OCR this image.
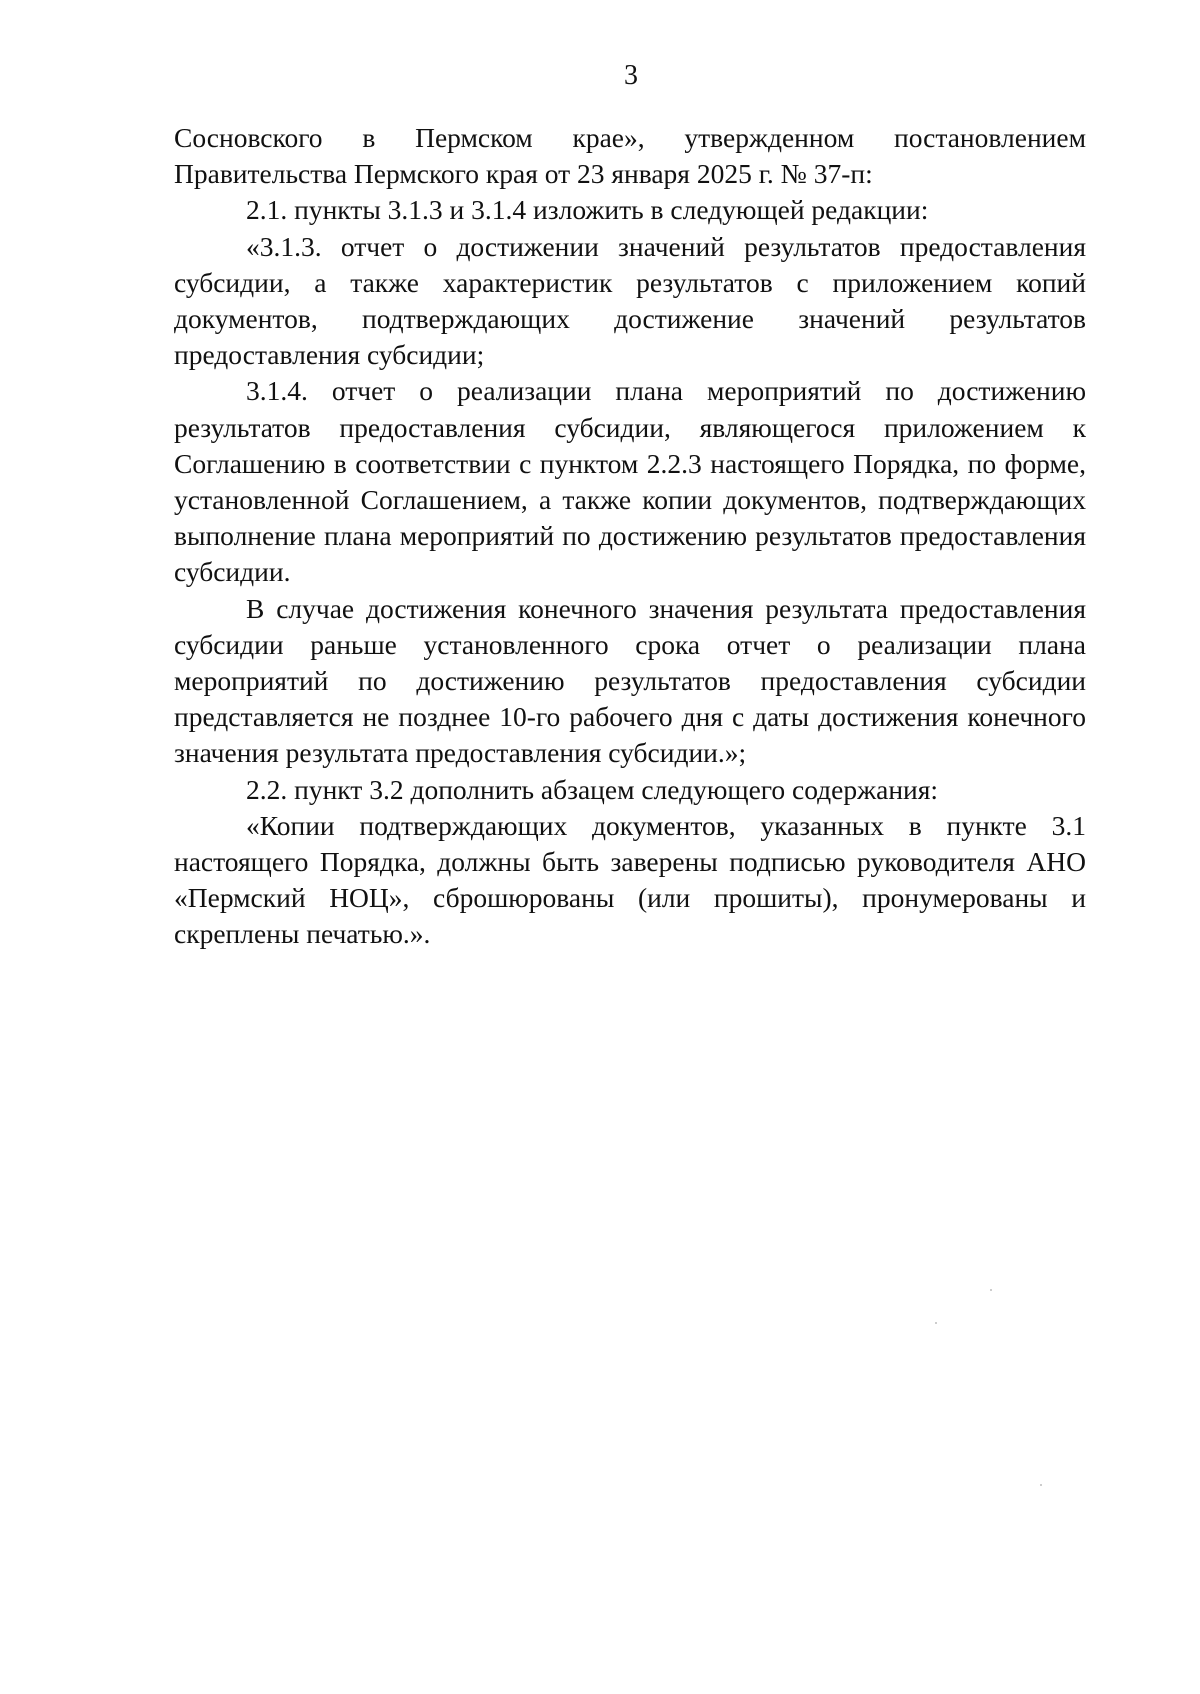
3

Сосновского в Пермском крае», утвержденном постановлением Правительства Пермского края от 23 января 2025 г. № 37-п:

2.1. пункты 3.1.3 и 3.1.4 изложить в следующей редакции:

«3.1.3. отчет о достижении значений результатов предоставления субсидии, а также характеристик результатов с приложением копий документов, подтверждающих достижение значений результатов предоставления субсидии;

3.1.4. отчет о реализации плана мероприятий по достижению результатов предоставления субсидии, являющегося приложением к Соглашению в соответствии с пунктом 2.2.3 настоящего Порядка, по форме, установленной Соглашением, а также копии документов, подтверждающих выполнение плана мероприятий по достижению результатов предоставления субсидии.

В случае достижения конечного значения результата предоставления субсидии раньше установленного срока отчет о реализации плана мероприятий по достижению результатов предоставления субсидии представляется не позднее 10-го рабочего дня с даты достижения конечного значения результата предоставления субсидии.»;

2.2. пункт 3.2 дополнить абзацем следующего содержания:

«Копии подтверждающих документов, указанных в пункте 3.1 настоящего Порядка, должны быть заверены подписью руководителя АНО «Пермский НОЦ», сброшюрованы (или прошиты), пронумерованы и скреплены печатью.».
